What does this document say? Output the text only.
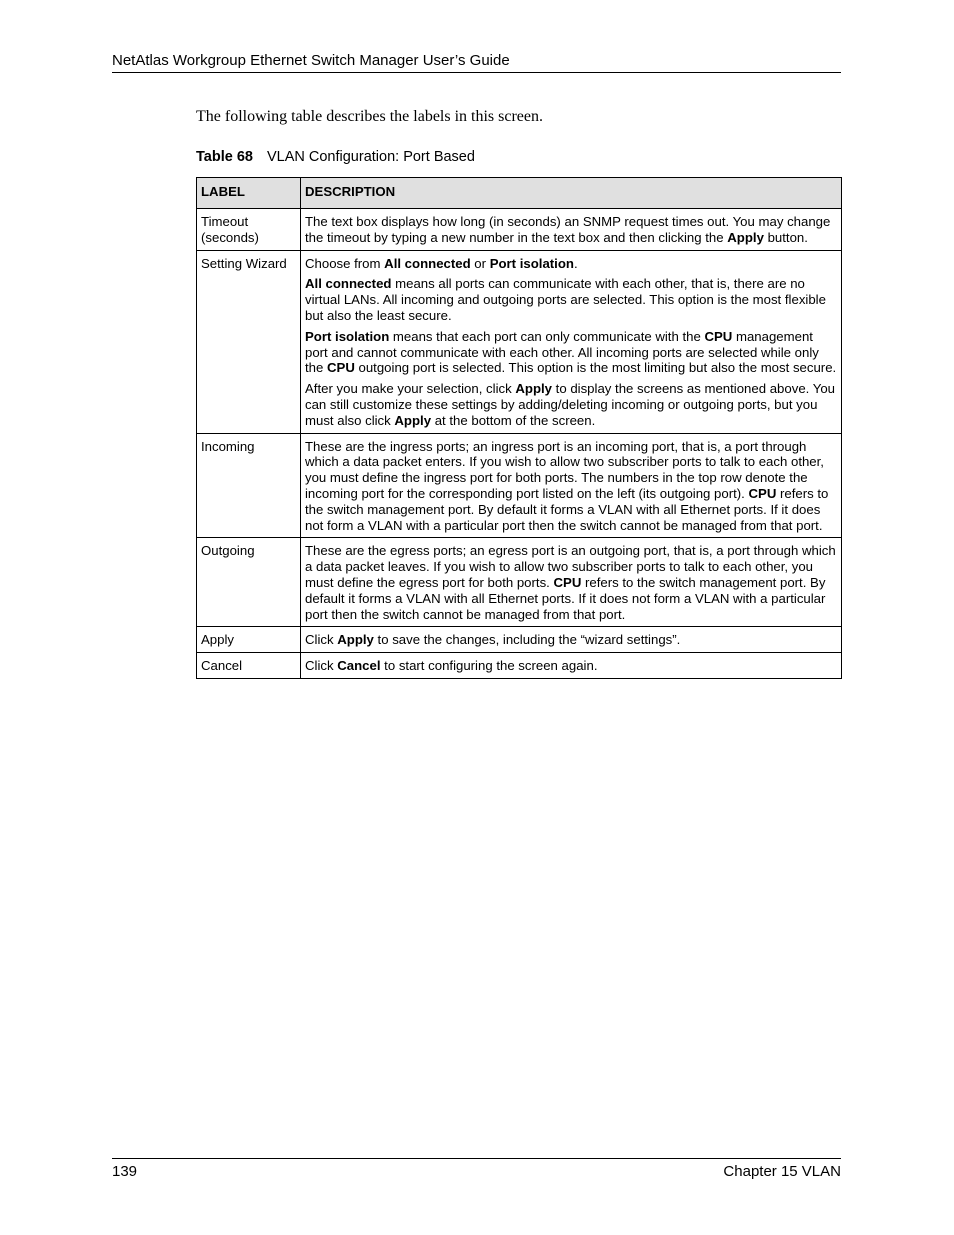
NetAtlas Workgroup Ethernet Switch Manager User’s Guide
The following table describes the labels in this screen.
Table 68 VLAN Configuration: Port Based
LABEL	DESCRIPTION
Timeout (seconds)	The text box displays how long (in seconds) an SNMP request times out. You may change the timeout by typing a new number in the text box and then clicking the Apply button.

Setting Wizard	Choose from All connected or Port isolation.

All connected means all ports can communicate with each other, that is, there are no virtual LANs. All incoming and outgoing ports are selected. This option is the most flexible but also the least secure.

Port isolation means that each port can only communicate with the CPU management port and cannot communicate with each other. All incoming ports are selected while only the CPU outgoing port is selected. This option is the most limiting but also the most secure.

After you make your selection, click Apply to display the screens as mentioned above. You can still customize these settings by adding/deleting incoming or outgoing ports, but you must also click Apply at the bottom of the screen.

Incoming	These are the ingress ports; an ingress port is an incoming port, that is, a port through which a data packet enters. If you wish to allow two subscriber ports to talk to each other, you must define the ingress port for both ports. The numbers in the top row denote the incoming port for the corresponding port listed on the left (its outgoing port). CPU refers to the switch management port. By default it forms a VLAN with all Ethernet ports. If it does not form a VLAN with a particular port then the switch cannot be managed from that port.

Outgoing	These are the egress ports; an egress port is an outgoing port, that is, a port through which a data packet leaves. If you wish to allow two subscriber ports to talk to each other, you must define the egress port for both ports. CPU refers to the switch management port. By default it forms a VLAN with all Ethernet ports. If it does not form a VLAN with a particular port then the switch cannot be managed from that port.

Apply	Click Apply to save the changes, including the “wizard settings”.

Cancel	Click Cancel to start configuring the screen again.

139	Chapter 15 VLAN
